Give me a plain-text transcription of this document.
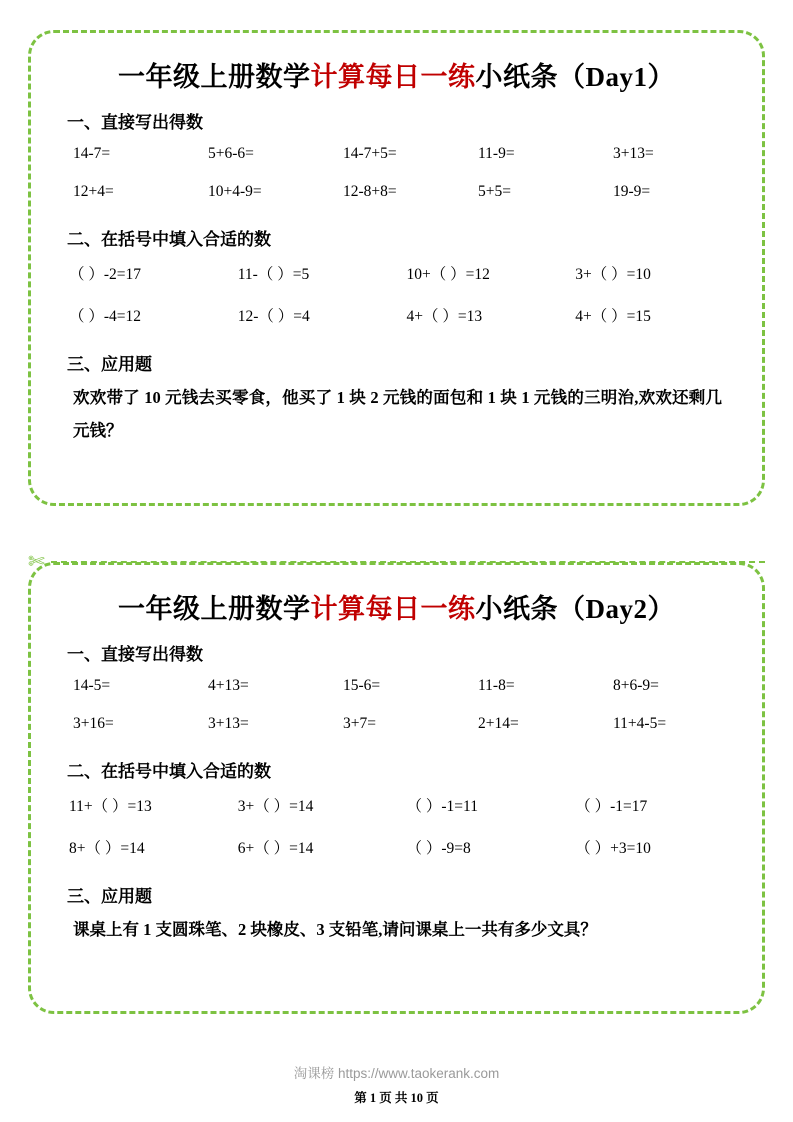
一年级上册数学计算每日一练小纸条（Day1）
一、直接写出得数
14-7=	5+6-6=	14-7+5=	11-9=	3+13=
12+4=	10+4-9=	12-8+8=	5+5=	19-9=
二、在括号中填入合适的数
（ ）-2=17	11-（ ）=5	10+（ ）=12	3+（ ）=10
（ ）-4=12	12-（ ）=4	4+（ ）=13	4+（ ）=15
三、应用题
欢欢带了 10 元钱去买零食，他买了 1 块 2 元钱的面包和 1 块 1 元钱的三明治,欢欢还剩几元钱？
✄
一年级上册数学计算每日一练小纸条（Day2）
一、直接写出得数
14-5=	4+13=	15-6=	11-8=	8+6-9=
3+16=	3+13=	3+7=	2+14=	11+4-5=
二、在括号中填入合适的数
11+（ ）=13	3+（ ）=14	（ ）-1=11	（ ）-1=17
8+（ ）=14	6+（ ）=14	（ ）-9=8	（ ）+3=10
三、应用题
课桌上有 1 支圆珠笔、2 块橡皮、3 支铅笔,请问课桌上一共有多少文具？
淘课榜 https://www.taokerank.com
第 1 页 共 10 页
